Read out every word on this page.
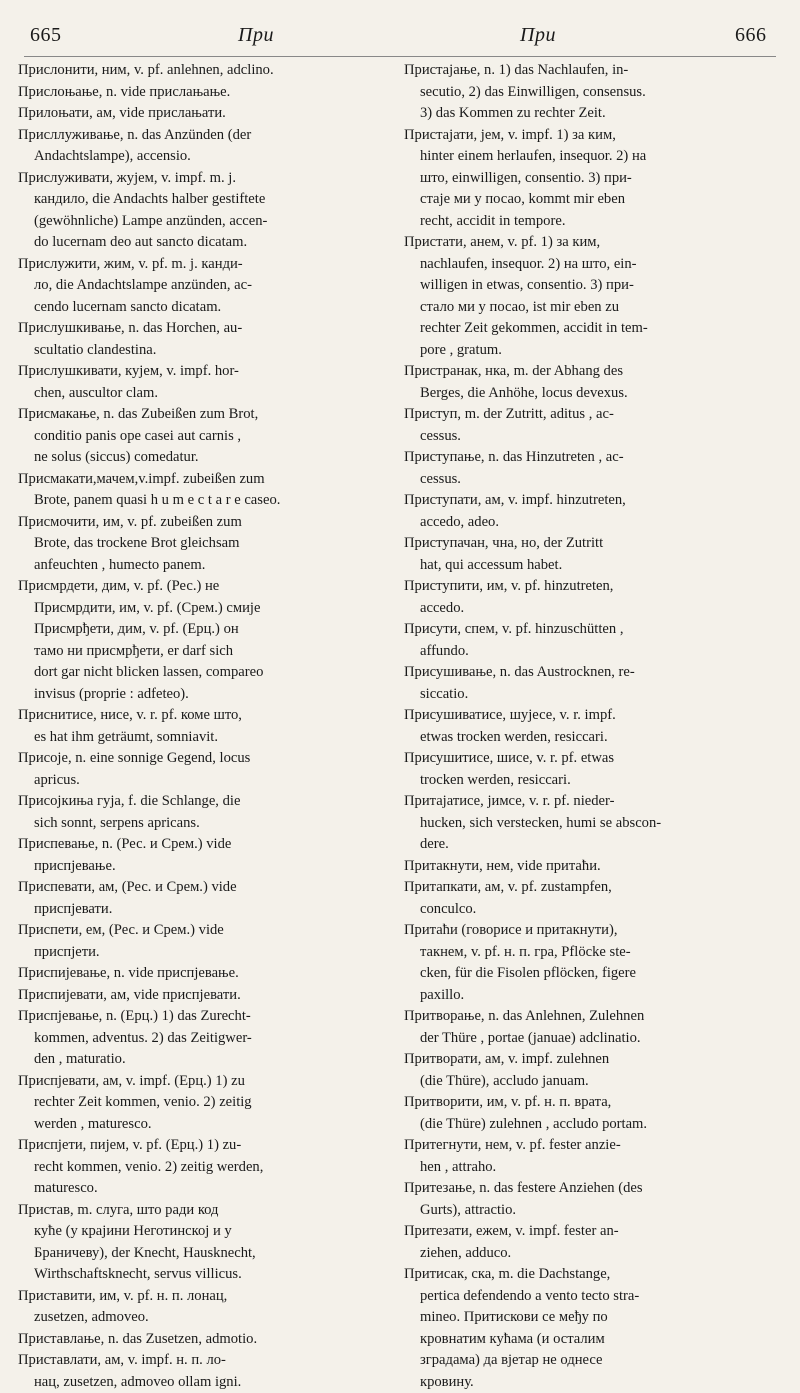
665	При	При	666
Прислонити, ним, v. pf. anlehnen, adclino.
Прислоњање, n. vide прислањање.
Прилоњати, ам, vide прислањати.
Присллуживање, n. das Anzünden (der
Andachtslampe), accensio.
Прислуживати, жујем, v. impf. m. j.
кандило, die Andachts halber gestiftete
(gewöhnliche) Lampe anzünden, accen-
do lucernam deo aut sancto dicatam.
Прислужити, жим, v. pf. m. j. канди-
ло, die Andachtslampe anzünden, ac-
cendo lucernam sancto dicatam.
Прислушкивање, n. das Horchen, au-
scultatio clandestina.
Прислушкивати, кујем, v. impf. hor-
chen, auscultor clam.
Присмакање, n. das Zubeißen zum Brot,
conditio panis ope casei aut carnis ,
ne solus (siccus) comedatur.
Присмакати,мачем,v.impf. zubeißen zum
Brote, panem quasi h u m e c t a r e caseo.
Присмочити, им, v. pf. zubeißen zum
Brote, das trockene Brot gleichsam
anfeuchten , humecto panem.
Присмрдети, дим, v. pf. (Рес.) не
Присмрдити, им, v. pf. (Срем.) смије
Присмрђети, дим, v. pf. (Ерц.) он
тамо ни присмрђети, er darf sich
dort gar nicht blicken lassen, compareo
invisus (proprie : adfeteo).
Приснитисе, нисе, v. r. pf. коме што,
es hat ihm geträumt, somniavit.
Присоје, n. eine sonnige Gegend, locus
apricus.
Присојкиња гуја, f. die Schlange, die
sich sonnt, serpens apricans.
Приспевање, n. (Рес. и Срем.) vide
приспјевање.
Приспевати, ам, (Рес. и Срем.) vide
приспјевати.
Приспети, ем, (Рес. и Срем.) vide
приспјети.
Приспијевање, n. vide приспјевање.
Приспијевати, ам, vide приспјевати.
Приспјевање, n. (Ерц.) 1) das Zurecht-
kommen, adventus. 2) das Zeitigwer-
den , maturatio.
Приспјевати, ам, v. impf. (Ерц.) 1) zu
rechter Zeit kommen, venio. 2) zeitig
werden , maturesco.
Приспјети, пијем, v. pf. (Ерц.) 1) zu-
recht kommen, venio. 2) zeitig werden,
maturesco.
Пристав, m. слуга, што ради код
куће (у крајини Неготинској и у
Браничеву), der Knecht, Hausknecht,
Wirthschaftsknecht, servus villicus.
Приставити, им, v. pf. н. п. лонац,
zusetzen, admoveo.
Приставлање, n. das Zusetzen, admotio.
Приставлати, ам, v. impf. н. п. ло-
нац, zusetzen, admoveo ollam igni.
Пристајање, n. 1) das Nachlaufen, in-
secutio, 2) das Einwilligen, consensus.
3) das Kommen zu rechter Zeit.
Пристајати, јем, v. impf. 1) за ким,
hinter einem herlaufen, insequor. 2) на
што, einwilligen, consentio. 3) при-
стаје ми у посао, kommt mir eben
recht, accidit in tempore.
Пристати, анем, v. pf. 1) за ким,
nachlaufen, insequor. 2) на што, ein-
willigen in etwas, consentio. 3) при-
стало ми у посао, ist mir eben zu
rechter Zeit gekommen, accidit in tem-
pore , gratum.
Пристранак, нка, m. der Abhang des
Berges, die Anhöhe, locus devexus.
Приступ, m. der Zutritt, aditus , ac-
cessus.
Приступање, n. das Hinzutreten , ac-
cessus.
Приступати, ам, v. impf. hinzutreten,
accedo, adeo.
Приступачан, чна, но, der Zutritt
hat, qui accessum habet.
Приступити, им, v. pf. hinzutreten,
accedo.
Присути, спем, v. pf. hinzuschütten ,
affundo.
Присушивање, n. das Austrocknen, re-
siccatio.
Присушиватисе, шујесе, v. r. impf.
etwas trocken werden, resiccari.
Присушитисе, шисе, v. r. pf. etwas
trocken werden, resiccari.
Притајатисе, јимсе, v. r. pf. nieder-
hucken, sich verstecken, humi se abscon-
dere.
Притакнути, нем, vide притаћи.
Притапкати, ам, v. pf. zustampfen,
conculco.
Притаћи (говорисе и притакнути),
такнем, v. pf. н. п. гра, Pflöcke ste-
cken, für die Fisolen pflöcken, figere
paxillo.
Притворање, n. das Anlehnen, Zulehnen
der Thüre , portae (januae) adclinatio.
Притворати, ам, v. impf. zulehnen
(die Thüre), accludo januam.
Притворити, им, v. pf. н. п. врата,
(die Thüre) zulehnen , accludo portam.
Притегнути, нем, v. pf. fester anzie-
hen , attraho.
Притезање, n. das festere Anziehen (des
Gurts), attractio.
Притезати, ежем, v. impf. fester an-
ziehen, adduco.
Притисак, ска, m. die Dachstange,
pertica defendendo a vento tecto stra-
mineo. Притискови се међу по
кровнатим кућама (и осталим
зградама) да вјетар не однесе
кровину.
